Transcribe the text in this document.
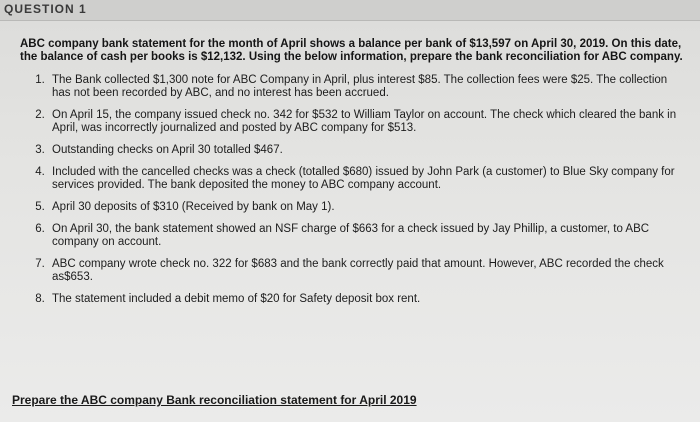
QUESTION 1

ABC company bank statement for the month of April shows a balance per bank of $13,597 on April 30, 2019. On this date, the balance of cash per books is $12,132. Using the below information, prepare the bank reconciliation for ABC company.

1. The Bank collected $1,300 note for ABC Company in April, plus interest $85. The collection fees were $25. The collection has not been recorded by ABC, and no interest has been accrued.
2. On April 15, the company issued check no. 342 for $532 to William Taylor on account. The check which cleared the bank in April, was incorrectly journalized and posted by ABC company for $513.
3. Outstanding checks on April 30 totalled $467.
4. Included with the cancelled checks was a check (totalled $680) issued by John Park (a customer) to Blue Sky company for services provided. The bank deposited the money to ABC company account.
5. April 30 deposits of $310 (Received by bank on May 1).
6. On April 30, the bank statement showed an NSF charge of $663 for a check issued by Jay Phillip, a customer, to ABC company on account.
7. ABC company wrote check no. 322 for $683 and the bank correctly paid that amount. However, ABC recorded the check as$653.
8. The statement included a debit memo of $20 for Safety deposit box rent.
Prepare the ABC company Bank reconciliation statement for April 2019
